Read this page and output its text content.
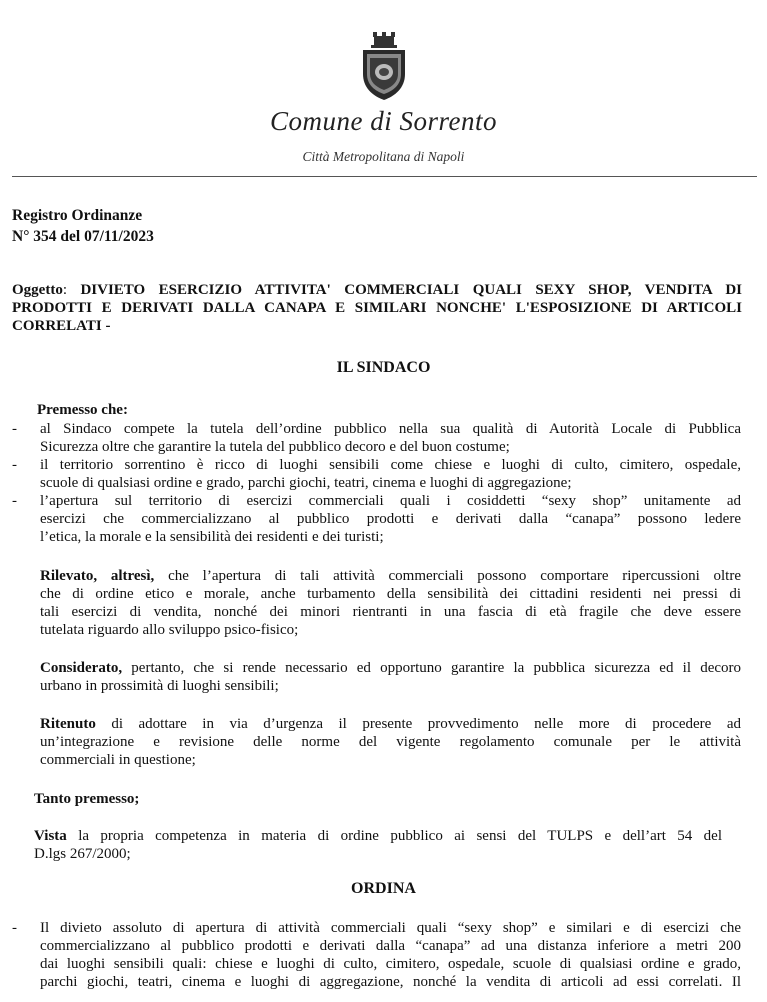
Comune di Sorrento
Città Metropolitana di Napoli
Registro Ordinanze
N° 354 del 07/11/2023
Oggetto: DIVIETO ESERCIZIO ATTIVITA' COMMERCIALI QUALI SEXY SHOP, VENDITA DI
PRODOTTI E DERIVATI DALLA CANAPA E SIMILARI NONCHE' L'ESPOSIZIONE DI ARTICOLI
CORRELATI -
IL SINDACO
Premesso che:
- al Sindaco compete la tutela dell’ordine pubblico nella sua qualità di Autorità Locale di Pubblica
Sicurezza oltre che garantire la tutela del pubblico decoro e del buon costume;
- il territorio sorrentino è ricco di luoghi sensibili come chiese e luoghi di culto, cimitero, ospedale,
scuole di qualsiasi ordine e grado, parchi giochi, teatri, cinema e luoghi di aggregazione;
- l’apertura sul territorio di esercizi commerciali quali i cosiddetti “sexy shop” unitamente ad
esercizi che commercializzano al pubblico prodotti e derivati dalla “canapa” possono ledere
l’etica, la morale e la sensibilità dei residenti e dei turisti;
Rilevato, altresì, che l’apertura di tali attività commerciali possono comportare ripercussioni oltre
che di ordine etico e morale, anche turbamento della sensibilità dei cittadini residenti nei pressi di
tali esercizi di vendita, nonché dei minori rientranti in una fascia di età fragile che deve essere
tutelata riguardo allo sviluppo psico-fisico;
Considerato, pertanto, che si rende necessario ed opportuno garantire la pubblica sicurezza ed il decoro
urbano in prossimità di luoghi sensibili;
Ritenuto di adottare in via d’urgenza il presente provvedimento nelle more di procedere ad
un’integrazione e revisione delle norme del vigente regolamento comunale per le attività
commerciali in questione;
Tanto premesso;
Vista la propria competenza in materia di ordine pubblico ai sensi del TULPS e dell’art 54 del
D.lgs 267/2000;
ORDINA
- Il divieto assoluto di apertura di attività commerciali quali “sexy shop” e similari e di esercizi che
commercializzano al pubblico prodotti e derivati dalla “canapa” ad una distanza inferiore a metri 200
dai luoghi sensibili quali: chiese e luoghi di culto, cimitero, ospedale, scuole di qualsiasi ordine e grado,
parchi giochi, teatri, cinema e luoghi di aggregazione, nonché la vendita di articoli ad essi correlati. Il
